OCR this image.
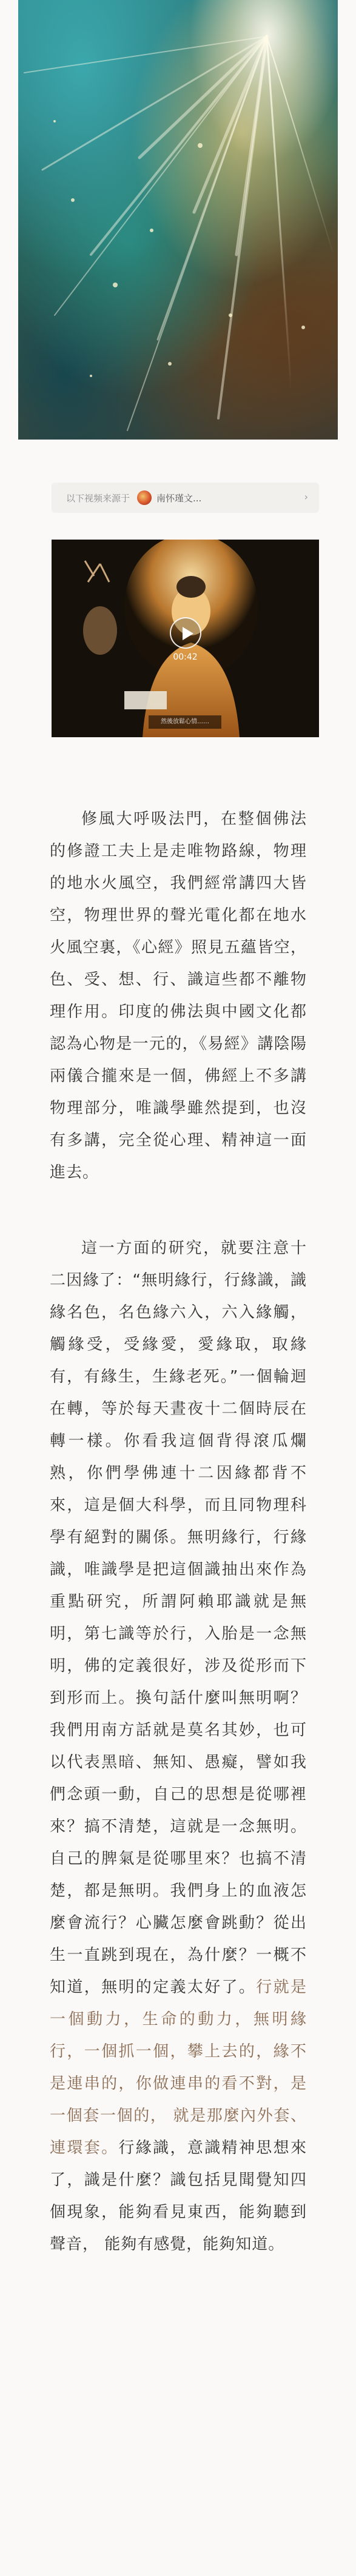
以下视频来源于	南怀瑾文...	›
00:42
然後放鬆心情……

修風大呼吸法門，在整個佛法的修證工夫上是走唯物路線，物理的地水火風空，我們經常講四大皆空，物理世界的聲光電化都在地水火風空裏，《心經》照見五蘊皆空，色、受、想、行、識這些都不離物理作用。印度的佛法與中國文化都認為心物是一元的，《易經》講陰陽兩儀合攏來是一個，佛經上不多講物理部分，唯識學雖然提到，也沒有多講，完全從心理、精神這一面進去。

這一方面的研究，就要注意十二因緣了：“無明緣行，行緣識，識緣名色，名色緣六入，六入緣觸，觸緣受，受緣愛，愛緣取，取緣有，有緣生，生緣老死。”一個輪迴在轉，等於每天晝夜十二個時辰在轉一樣。你看我這個背得滾瓜爛熟，你們學佛連十二因緣都背不來，這是個大科學，而且同物理科學有絕對的關係。無明緣行，行緣識，唯識學是把這個識抽出來作為重點研究，所謂阿賴耶識就是無明，第七識等於行，入胎是一念無明，佛的定義很好，涉及從形而下到形而上。換句話什麼叫無明啊？我們用南方話就是莫名其妙，也可以代表黑暗、無知、愚癡，譬如我們念頭一動，自己的思想是從哪裡來？搞不清楚，這就是一念無明。自己的脾氣是從哪里來？也搞不清楚，都是無明。我們身上的血液怎麼會流行？心臟怎麼會跳動？從出生一直跳到現在，為什麼？一概不知道，無明的定義太好了。行就是一個動力，生命的動力，無明緣行，一個抓一個，攀上去的，緣不是連串的，你做連串的看不對，是一個套一個的， 就是那麼內外套、連環套。行緣識，意識精神思想來了，識是什麼？識包括見聞覺知四個現象，能夠看見東西，能夠聽到聲音， 能夠有感覺，能夠知道。
